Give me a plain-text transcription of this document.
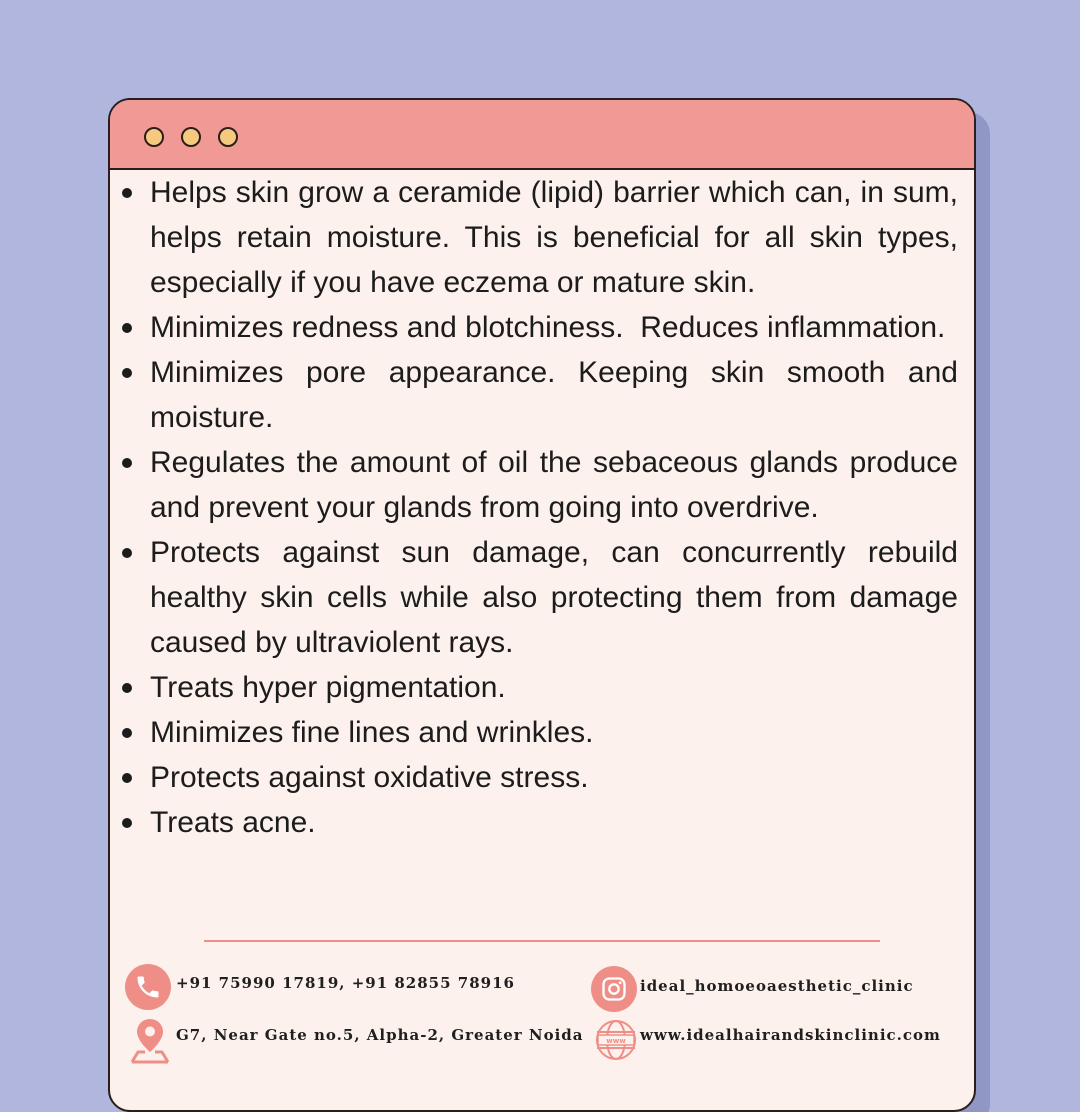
Helps skin grow a ceramide (lipid) barrier which can, in sum, helps retain moisture. This is beneficial for all skin types, especially if you have eczema or mature skin.
Minimizes redness and blotchiness.  Reduces inflammation.
Minimizes pore appearance. Keeping skin smooth and moisture.
Regulates the amount of oil the sebaceous glands produce and prevent your glands from going into overdrive.
Protects against sun damage, can concurrently rebuild healthy skin cells while also protecting them from damage caused by ultraviolent rays.
Treats hyper pigmentation.
Minimizes fine lines and wrinkles.
Protects against oxidative stress.
Treats acne.
+91 75990 17819, +91 82855 78916
G7, Near Gate no.5, Alpha-2, Greater Noida
ideal_homoeoaesthetic_clinic
www www.idealhairandskinclinic.com
